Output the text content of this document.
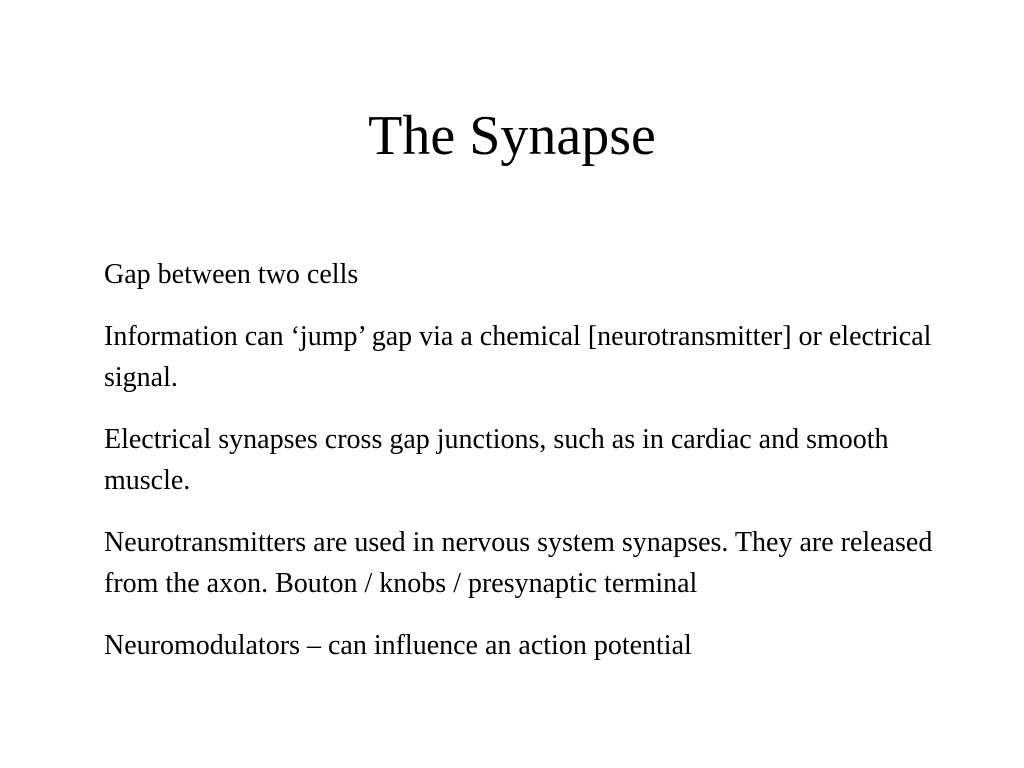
The Synapse
Gap between two cells
Information can ‘jump’ gap via a chemical [neurotransmitter] or electrical signal.
Electrical synapses cross gap junctions, such as in cardiac and smooth muscle.
Neurotransmitters are used in nervous system synapses. They are released from the axon. Bouton / knobs / presynaptic terminal
Neuromodulators – can influence an action potential
